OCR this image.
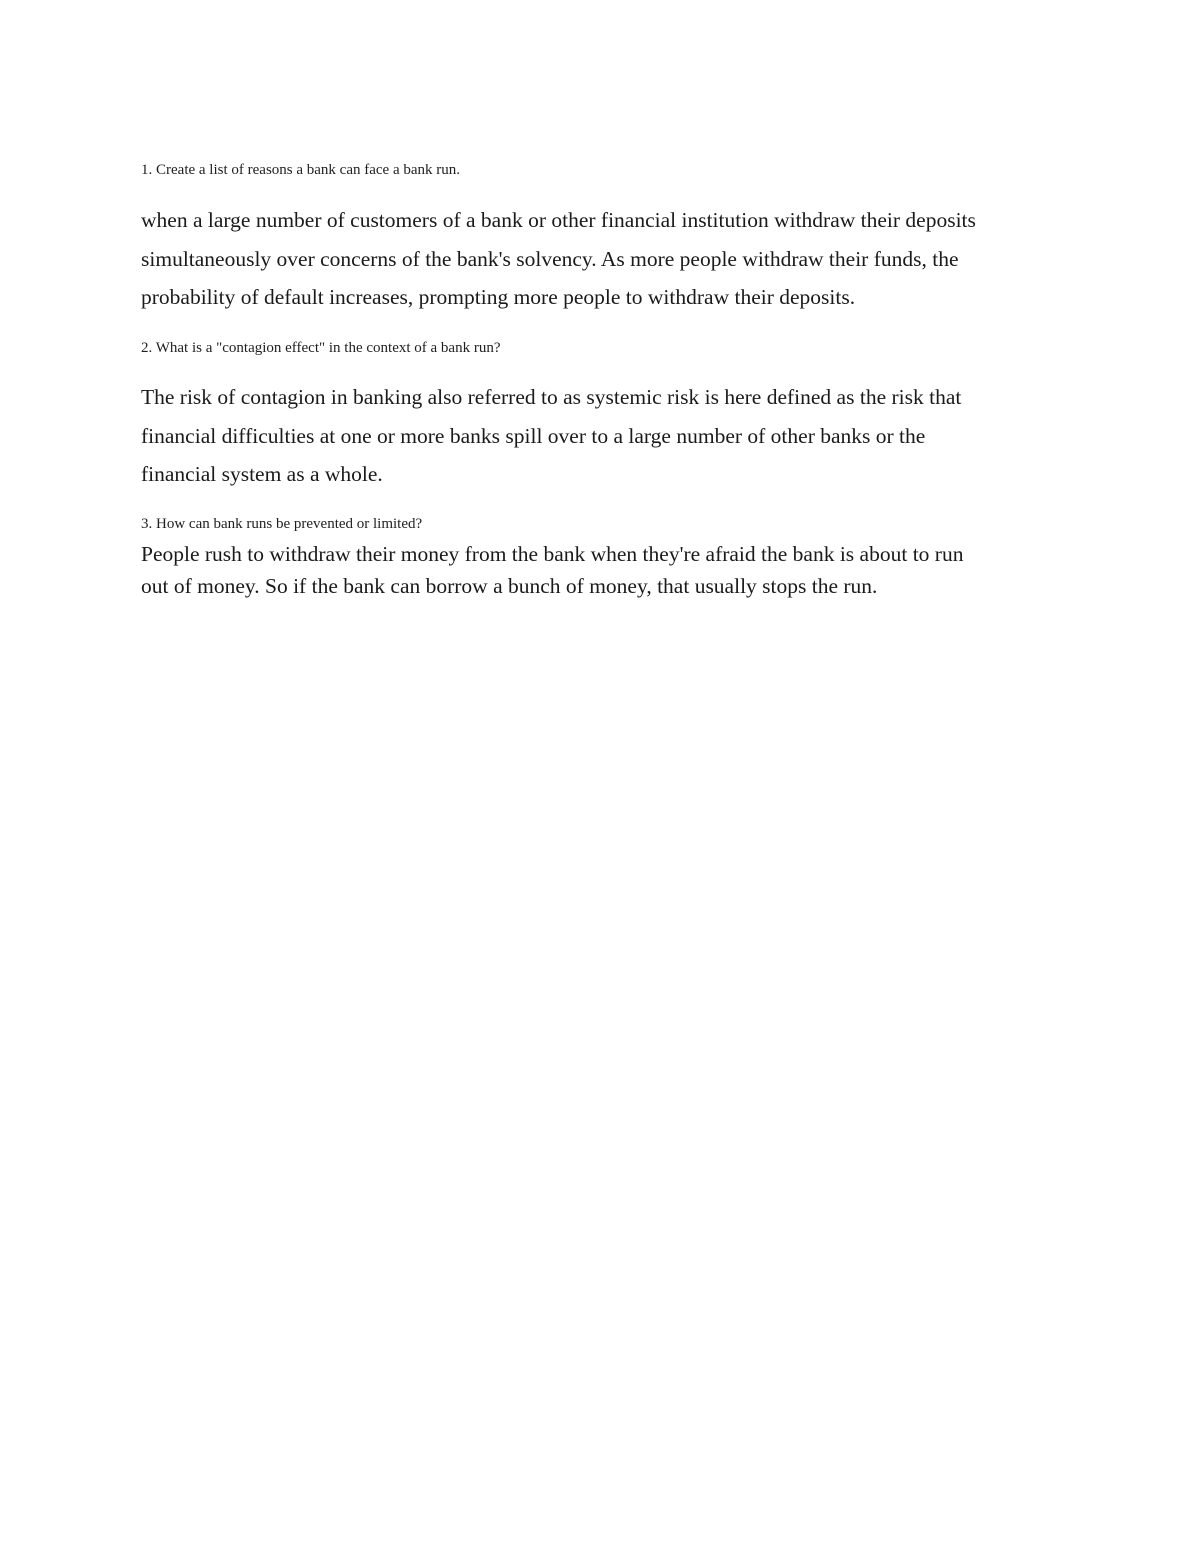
1. Create a list of reasons a bank can face a bank run.

when a large number of customers of a bank or other financial institution withdraw their deposits
simultaneously over concerns of the bank's solvency. As more people withdraw their funds, the
probability of default increases, prompting more people to withdraw their deposits.

2. What is a "contagion effect" in the context of a bank run?

The risk of contagion in banking also referred to as systemic risk is here defined as the risk that
financial difficulties at one or more banks spill over to a large number of other banks or the
financial system as a whole.

3. How can bank runs be prevented or limited?

People rush to withdraw their money from the bank when they're afraid the bank is about to run
out of money. So if the bank can borrow a bunch of money, that usually stops the run.
